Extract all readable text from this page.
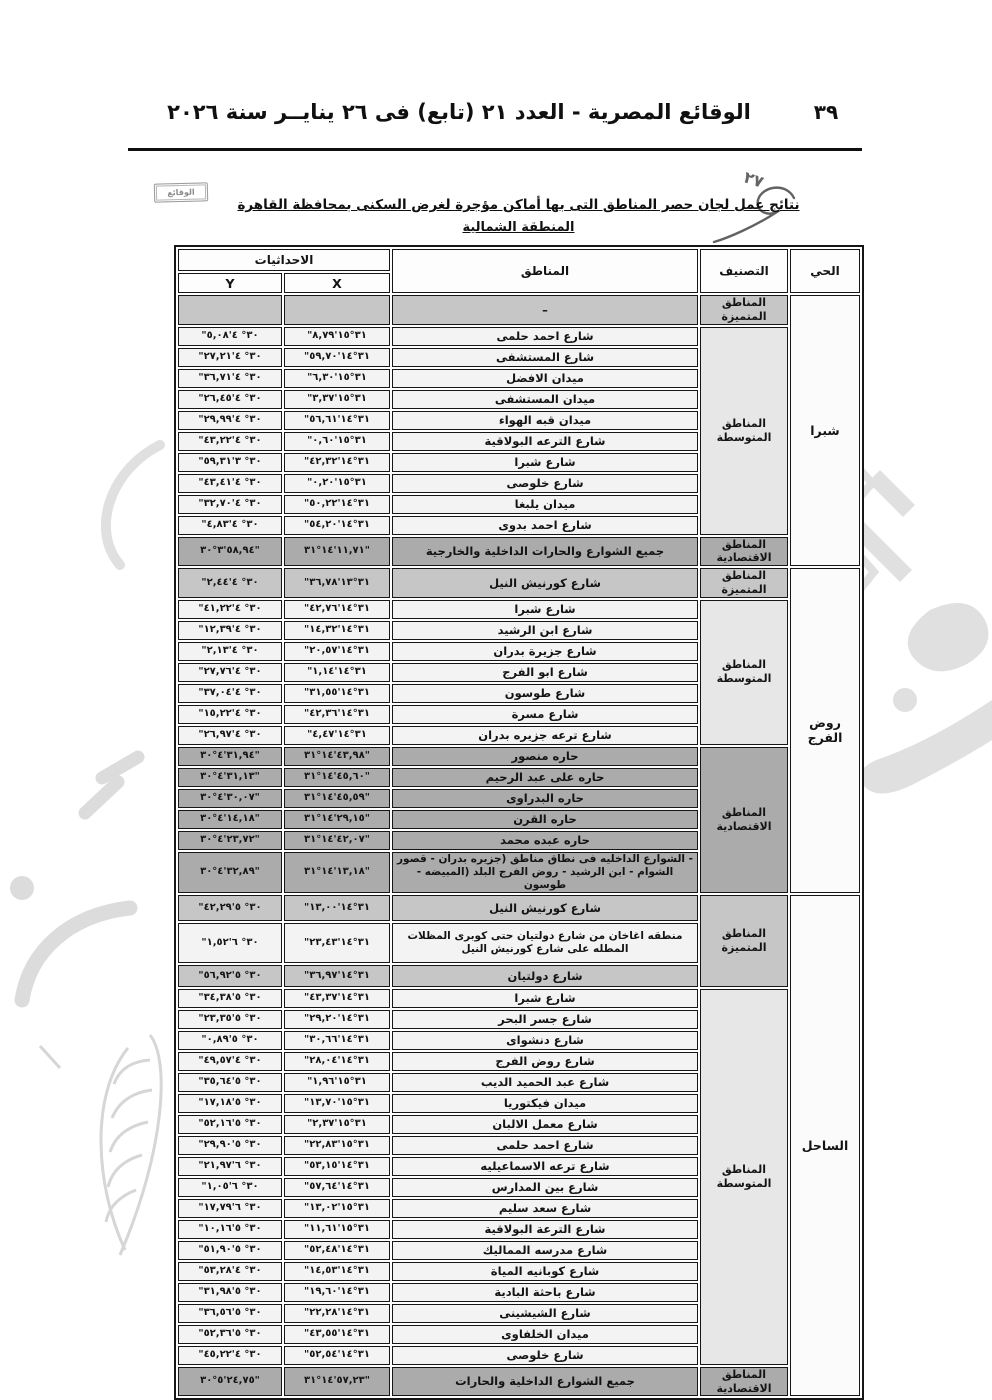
٣٩
الوقائع المصرية - العدد ٢١ (تابع) فى ٢٦ ينايــر سنة ٢٠٢٦
الوقائع
٢٧
نتائج عمل لجان حصر المناطق التى بها أماكن مؤجرة لغرض السكنى بمحافظة القاهرة
المنطقة الشمالية
الحي	التصنيف	المناطق	الاحداثيات	
			X	Y
شبرا	المناطق المتميزة	–		
	المناطق المتوسطة	شارع احمد حلمى	"٨,٧٩'١٥°٣١	"٥,٠٨'٤ °٣٠
		شارع المستشفى	"٥٩,٧٠'١٤°٣١	"٢٧,٢١'٤ °٣٠
		ميدان الافضل	"٦,٣٠'١٥°٣١	"٣٦,٧١'٤ °٣٠
		ميدان المستشفى	"٣,٣٧'١٥°٣١	"٢٦,٤٥'٤ °٣٠
		ميدان قبه الهواء	"٥٦,٦١'١٤°٣١	"٢٩,٩٩'٤ °٣٠
		شارع الترعه البولاقية	"٠,٦٠'١٥°٣١	"٤٣,٢٢'٤ °٣٠
		شارع شبرا	"٤٢,٣٢'١٤°٣١	"٥٩,٣١'٣ °٣٠
		شارع خلوصى	"٠,٢٠'١٥°٣١	"٤٣,٤١'٤ °٣٠
		ميدان يلبغا	"٥٠,٢٢'١٤°٣١	"٣٢,٧٠'٤ °٣٠
		شارع احمد بدوى	"٥٤,٢٠'١٤°٣١	"٤,٨٣'٤ °٣٠
	المناطق الاقتصادية	جميع الشوارع والحارات الداخلية والخارجية	٣١°١٤'١١,٧١"	٣٠°٣'٥٨,٩٤"
روض الفرج	المناطق المتميزة	شارع كورنيش النيل	"٣٦,٧٨'١٣°٣١	"٢,٤٤'٤ °٣٠
	المناطق المتوسطة	شارع شبرا	"٤٢,٧٦'١٤°٣١	"٤١,٢٢'٤ °٣٠
		شارع ابن الرشيد	"١٤,٣٢'١٤°٣١	"١٢,٣٩'٤ °٣٠
		شارع جزيرة بدران	"٢٠,٥٧'١٤°٣١	"٢,١٣'٤ °٣٠
		شارع ابو الفرج	"١,١٤'١٤°٣١	"٢٧,٧٦'٤ °٣٠
		شارع طوسون	"٣١,٥٥'١٤°٣١	"٣٧,٠٤'٤ °٣٠
		شارع مسرة	"٤٢,٣٦'١٤°٣١	"١٥,٢٢'٤ °٣٠
		شارع ترعه جزيره بدران	"٤,٤٧'١٤°٣١	"٢٦,٩٧'٤ °٣٠
	المناطق الاقتصادية	حاره منصور	٣١°١٤'٤٣,٩٨"	٣٠°٤'٣١,٩٤"
		حاره على عبد الرحيم	٣١°١٤'٤٥,٦٠"	٣٠°٤'٣١,١٣"
		حاره البدراوى	٣١°١٤'٤٥,٥٩"	٣٠°٤'٣٠,٠٧"
		حاره القرن	٣١°١٤'٢٩,١٥"	٣٠°٤'١٤,١٨"
		حاره عبده محمد	٣١°١٤'٤٢,٠٧"	٣٠°٤'٢٣,٧٢"
		- الشوارع الداخليه فى نطاق مناطق (جزيره بدران - قصور الشوام - ابن الرشيد - روض الفرج البلد (المبيضه - طوسون	٣١°١٤'١٣,١٨"	٣٠°٤'٣٢,٨٩"
الساحل	المناطق المتميزة	شارع كورنيش النيل	"١٣,٠٠'١٤°٣١	"٤٢,٢٩'٥ °٣٠
		منطقه اغاخان من شارع دولتيان حتى كوبرى المظلات المطله على شارع كورنيش النيل	"٢٣,٤٣'١٤°٣١	"١,٥٢'٦ °٣٠
		شارع دولتيان	"٣٦,٩٧'١٤°٣١	"٥٦,٩٢'٥ °٣٠
	المناطق المتوسطة	شارع شبرا	"٤٣,٣٧'١٤°٣١	"٣٤,٣٨'٥ °٣٠
		شارع جسر البحر	"٢٩,٢٠'١٤°٣١	"٢٣,٣٥'٥ °٣٠
		شارع دنشواى	"٣٠,٦٦'١٤°٣١	"٠,٨٩'٥ °٣٠
		شارع روض الفرج	"٢٨,٠٤'١٤°٣١	"٤٩,٥٧'٤ °٣٠
		شارع عبد الحميد الديب	"١,٩٦'١٥°٣١	"٣٥,٦٤'٥ °٣٠
		ميدان فيكتوريا	"١٣,٧٠'١٥°٣١	"١٧,١٨'٥ °٣٠
		شارع معمل الالبان	"٢,٣٧'١٥°٣١	"٥٢,١٦'٥ °٣٠
		شارع احمد حلمى	"٢٢,٨٣'١٥°٣١	"٢٩,٩٠'٥ °٣٠
		شارع ترعه الاسماعيليه	"٥٣,١٥'١٤°٣١	"٢١,٩٧'٦ °٣٠
		شارع بين المدارس	"٥٧,٦٤'١٤°٣١	"١,٠٥'٦ °٣٠
		شارع سعد سليم	"١٣,٠٢'١٥°٣١	"١٧,٧٩'٦ °٣٠
		شارع الترعة البولاقية	"١١,٦١'١٥°٣١	"١٠,١٦'٥ °٣٠
		شارع مدرسه المماليك	"٥٢,٤٨'١٤°٣١	"٥١,٩٠'٥ °٣٠
		شارع كوبانيه المياة	"١٤,٥٣'١٤°٣١	"٥٣,٢٨'٤ °٣٠
		شارع باحثة البادية	"١٩,٦٠'١٤°٣١	"٣١,٩٨'٥ °٣٠
		شارع الشيشينى	"٢٢,٢٨'١٤°٣١	"٣٦,٥٦'٥ °٣٠
		ميدان الخلفاوى	"٤٣,٥٥'١٤°٣١	"٥٢,٣٦'٥ °٣٠
		شارع خلوصى	"٥٢,٥٤'١٤°٣١	"٤٥,٢٢'٤ °٣٠
	المناطق الاقتصادية	جميع الشوارع الداخلية والحارات	٣١°١٤'٥٧,٢٣"	٣٠°٥'٢٤,٧٥"
